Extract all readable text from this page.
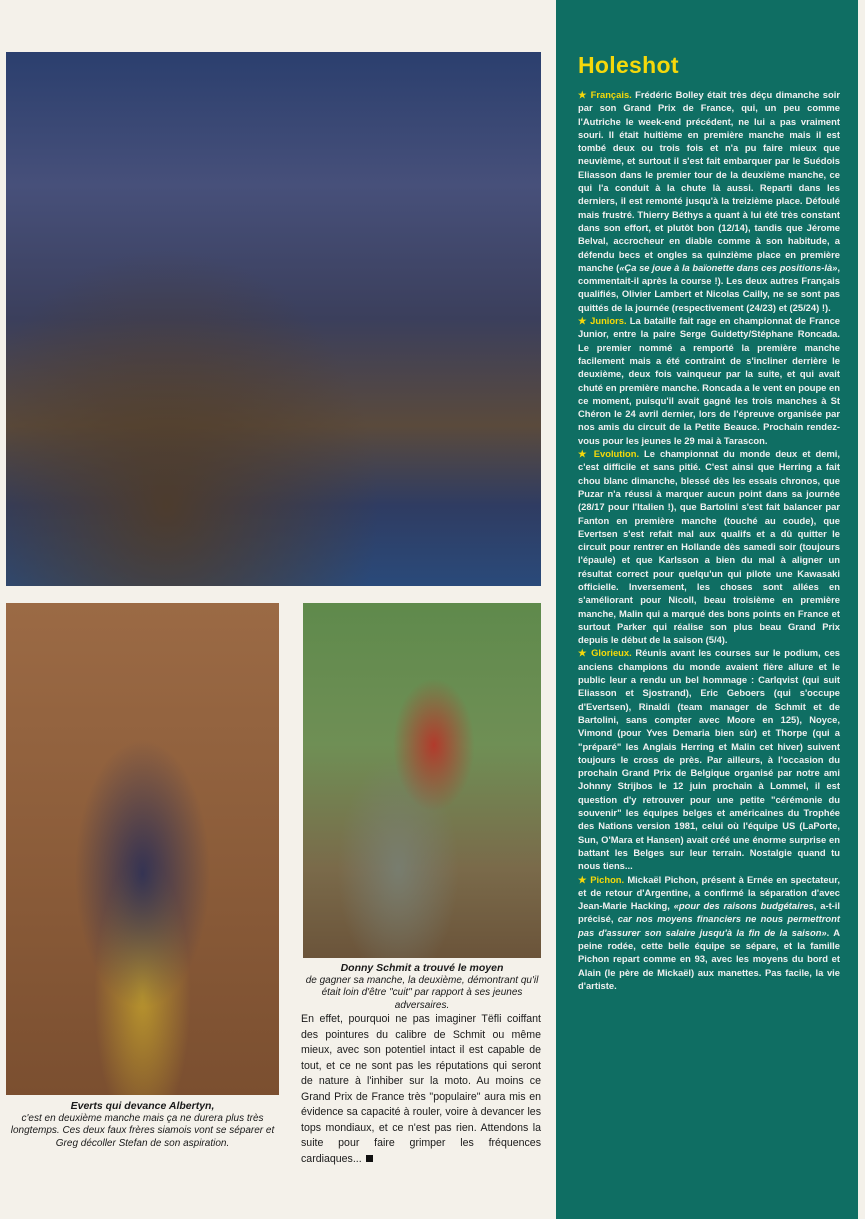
Everts qui devance Albertyn,
c'est en deuxième manche mais ça ne durera plus très longtemps. Ces deux faux frères siamois vont se séparer et Greg décoller Stefan de son aspiration.
Donny Schmit a trouvé le moyen
de gagner sa manche, la deuxième, démontrant qu'il était loin d'être "cuit" par rapport à ses jeunes adversaires.
En effet, pourquoi ne pas imaginer Tëfli coiffant des pointures du calibre de Schmit ou même mieux, avec son potentiel intact il est capable de tout, et ce ne sont pas les réputations qui seront de nature à l'inhiber sur la moto. Au moins ce Grand Prix de France très "populaire" aura mis en évidence sa capacité à rouler, voire à devancer les tops mondiaux, et ce n'est pas rien. Attendons la suite pour faire grimper les fréquences cardiaques...
Holeshot

★ Français. Frédéric Bolley était très déçu dimanche soir par son Grand Prix de France, qui, un peu comme l'Autriche le week-end précédent, ne lui a pas vraiment souri. Il était huitième en première manche mais il est tombé deux ou trois fois et n'a pu faire mieux que neuvième, et surtout il s'est fait embarquer par le Suédois Eliasson dans le premier tour de la deuxième manche, ce qui l'a conduit à la chute là aussi. Reparti dans les derniers, il est remonté jusqu'à la treizième place. Défoulé mais frustré. Thierry Béthys a quant à lui été très constant dans son effort, et plutôt bon (12/14), tandis que Jérome Belval, accrocheur en diable comme à son habitude, a défendu becs et ongles sa quinzième place en première manche («Ça se joue à la baïonette dans ces positions-là», commentait-il après la course !). Les deux autres Français qualifiés, Olivier Lambert et Nicolas Cailly, ne se sont pas quittés de la journée (respectivement (24/23) et (25/24) !).

★ Juniors. La bataille fait rage en championnat de France Junior, entre la paire Serge Guidetty/Stéphane Roncada. Le premier nommé a remporté la première manche facilement mais a été contraint de s'incliner derrière le deuxième, deux fois vainqueur par la suite, et qui avait chuté en première manche. Roncada a le vent en poupe en ce moment, puisqu'il avait gagné les trois manches à St Chéron le 24 avril dernier, lors de l'épreuve organisée par nos amis du circuit de la Petite Beauce. Prochain rendez-vous pour les jeunes le 29 mai à Tarascon.

★ Evolution. Le championnat du monde deux et demi, c'est difficile et sans pitié. C'est ainsi que Herring a fait chou blanc dimanche, blessé dès les essais chronos, que Puzar n'a réussi à marquer aucun point dans sa journée (28/17 pour l'Italien !), que Bartolini s'est fait balancer par Fanton en première manche (touché au coude), que Evertsen s'est refait mal aux qualifs et a dû quitter le circuit pour rentrer en Hollande dès samedi soir (toujours l'épaule) et que Karlsson a bien du mal à aligner un résultat correct pour quelqu'un qui pilote une Kawasaki officielle. Inversement, les choses sont allées en s'améliorant pour Nicoll, beau troisième en première manche, Malin qui a marqué des bons points en France et surtout Parker qui réalise son plus beau Grand Prix depuis le début de la saison (5/4).

★ Glorieux. Réunis avant les courses sur le podium, ces anciens champions du monde avaient fière allure et le public leur a rendu un bel hommage : Carlqvist (qui suit Eliasson et Sjostrand), Eric Geboers (qui s'occupe d'Evertsen), Rinaldi (team manager de Schmit et de Bartolini, sans compter avec Moore en 125), Noyce, Vimond (pour Yves Demaria bien sûr) et Thorpe (qui a "préparé" les Anglais Herring et Malin cet hiver) suivent toujours le cross de près. Par ailleurs, à l'occasion du prochain Grand Prix de Belgique organisé par notre ami Johnny Strijbos le 12 juin prochain à Lommel, il est question d'y retrouver pour une petite "cérémonie du souvenir" les équipes belges et américaines du Trophée des Nations version 1981, celui où l'équipe US (LaPorte, Sun, O'Mara et Hansen) avait créé une énorme surprise en battant les Belges sur leur terrain. Nostalgie quand tu nous tiens...

★ Pichon. Mickaël Pichon, présent à Ernée en spectateur, et de retour d'Argentine, a confirmé la séparation d'avec Jean-Marie Hacking, «pour des raisons budgétaires, a-t-il précisé, car nos moyens financiers ne nous permettront pas d'assurer son salaire jusqu'à la fin de la saison». A peine rodée, cette belle équipe se sépare, et la famille Pichon repart comme en 93, avec les moyens du bord et Alain (le père de Mickaël) aux manettes. Pas facile, la vie d'artiste.
